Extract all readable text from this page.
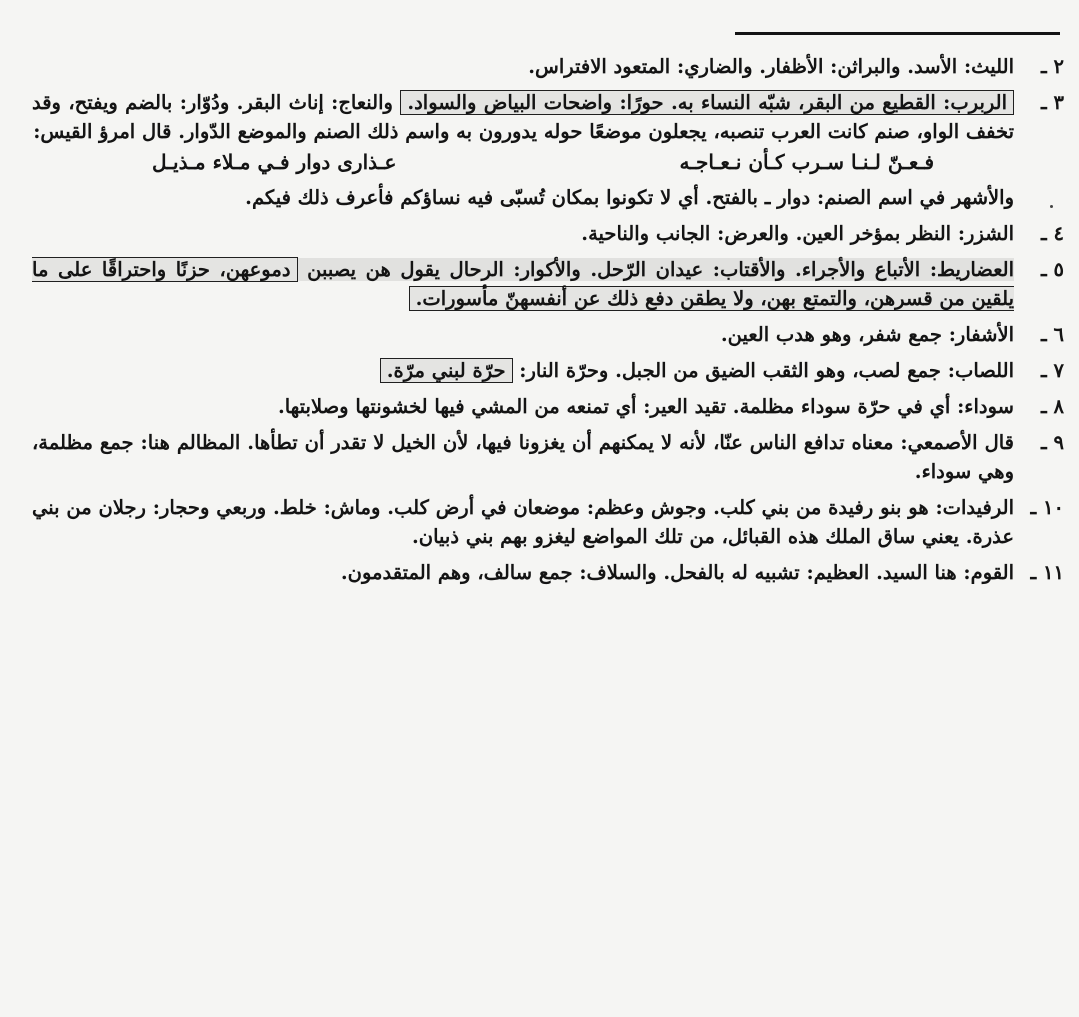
٢ ـ

الليث: الأسد. والبراثن: الأظفار. والضاري: المتعود الافتراس.

٣ ـ

الربرب: القطيع من البقر، شبّه النساء به. حورًا: واضحات البياض والسواد. والنعاج: إناث البقر. ودُوّار: بالضم ويفتح، وقد تخفف الواو، صنم كانت العرب تنصبه، يجعلون موضعًا حوله يدورون به واسم ذلك الصنم والموضع الدّوار. قال امرؤ القيس:

فـعـنّ لـنـا سـرب كـأن نـعـاجـه
عـذارى دوار فـي مـلاء مـذيـل

والأشهر في اسم الصنم: دوار ـ بالفتح. أي لا تكونوا بمكان تُسبّى فيه نساؤكم فأعرف ذلك فيكم.

٤ ـ

الشزر: النظر بمؤخر العين. والعرض: الجانب والناحية.

٥ ـ

العضاريط: الأتباع والأجراء. والأقتاب: عيدان الرّحل. والأكوار: الرحال يقول هن يصببن دموعهن، حزنًا واحتراقًا على ما يلقين من قسرهن، والتمتع بهن، ولا يطقن دفع ذلك عن أنفسهنّ مأسورات.

٦ ـ

الأشفار: جمع شفر، وهو هدب العين.

٧ ـ

اللصاب: جمع لصب، وهو الثقب الضيق من الجبل. وحرّة النار: حرّة لبني مرّة.

٨ ـ

سوداء: أي في حرّة سوداء مظلمة. تقيد العير: أي تمنعه من المشي فيها لخشونتها وصلابتها.

٩ ـ

قال الأصمعي: معناه تدافع الناس عنّا، لأنه لا يمكنهم أن يغزونا فيها، لأن الخيل لا تقدر أن تطأها. المظالم هنا: جمع مظلمة، وهي سوداء.

١٠ ـ

الرفيدات: هو بنو رفيدة من بني كلب. وجوش وعظم: موضعان في أرض كلب. وماش: خلط. وربعي وحجار: رجلان من بني عذرة. يعني ساق الملك هذه القبائل، من تلك المواضع ليغزو بهم بني ذبيان.

١١ ـ

القوم: هنا السيد. العظيم: تشبيه له بالفحل. والسلاف: جمع سالف، وهم المتقدمون.
